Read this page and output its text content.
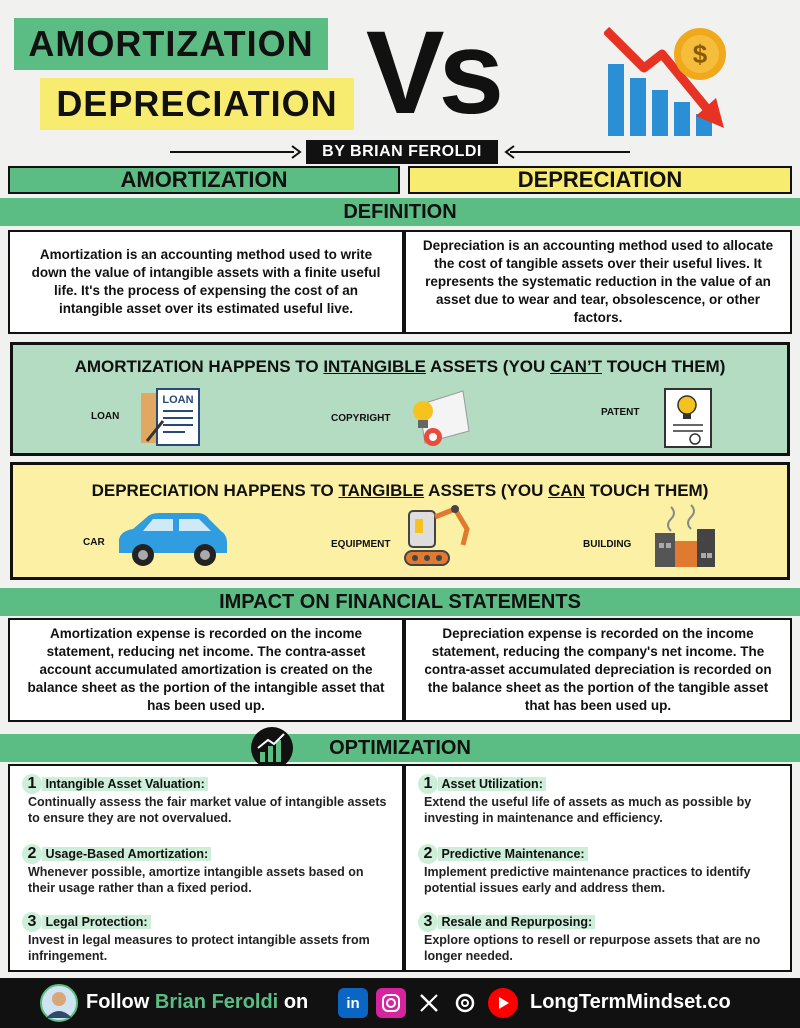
AMORTIZATION
DEPRECIATION Vs	$
BY BRIAN FEROLDI
AMORTIZATION	DEPRECIATION
DEFINITION
Amortization is an accounting method used to write down the value of intangible assets with a finite useful life. It's the process of expensing the cost of an intangible asset over its estimated useful live.
Depreciation is an accounting method used to allocate the cost of tangible assets over their useful lives. It represents the systematic reduction in the value of an asset due to wear and tear, obsolescence, or other factors.
AMORTIZATION HAPPENS TO INTANGIBLE ASSETS (YOU CAN’T TOUCH THEM)
LOAN
LOAN
COPYRIGHT
PATENT
DEPRECIATION HAPPENS TO TANGIBLE ASSETS (YOU CAN TOUCH THEM)
CAR	EQUIPMENT	BUILDING
IMPACT ON FINANCIAL STATEMENTS
Amortization expense is recorded on the income statement, reducing net income. The contra-asset account accumulated amortization is created on the balance sheet as the portion of the intangible asset that has been used up.
Depreciation expense is recorded on the income statement, reducing the company's net income. The contra-asset accumulated depreciation is recorded on the balance sheet as the portion of the tangible asset that has been used up.
OPTIMIZATION
1 Intangible Asset Valuation:
Continually assess the fair market value of intangible assets to ensure they are not overvalued.
2 Usage-Based Amortization:
Whenever possible, amortize intangible assets based on their usage rather than a fixed period.
3 Legal Protection:
Invest in legal measures to protect intangible assets from infringement.
1 Asset Utilization:
Extend the useful life of assets as much as possible by investing in maintenance and efficiency.
2 Predictive Maintenance:
Implement predictive maintenance practices to identify potential issues early and address them.
3 Resale and Repurposing:
Explore options to resell or repurpose assets that are no longer needed.
Follow Brian Feroldi on	in	LongTermMindset.co
